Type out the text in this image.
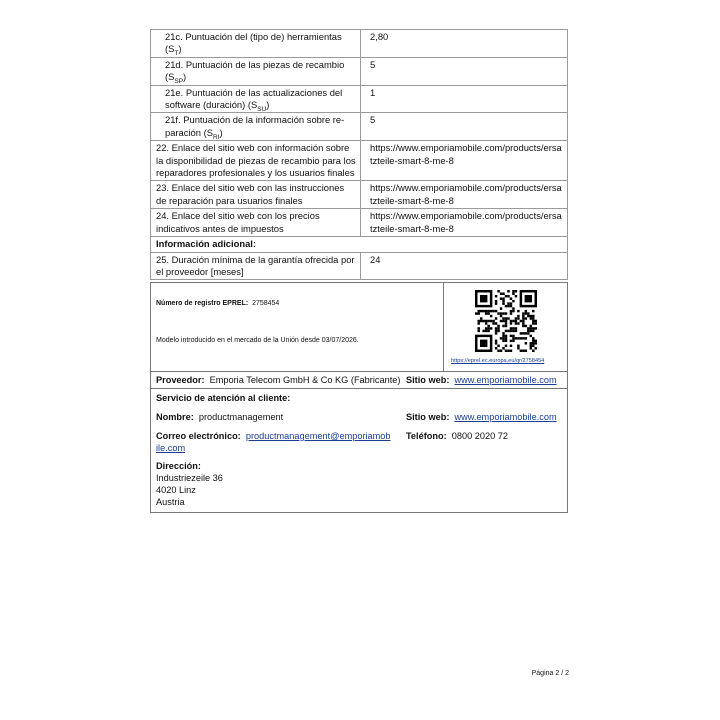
21c. Puntuación del (tipo de) herramientas $(S_T)$	2,80

21d. Puntuación de las piezas de recambio $(S_{SP})$	5

21e. Puntuación de las actualizaciones del software (duración) $(S_{SU})$	1

21f. Puntuación de la información sobre re-paración $(S_{RI})$	5
22. Enlace del sitio web con información sobre la disponibilidad de piezas de recambio para los reparadores profesionales y los usuarios finales	https://www.emporiamobile.com/products/ersatzteile-smart-8-me-8
23. Enlace del sitio web con las instrucciones de reparación para usuarios finales	https://www.emporiamobile.com/products/ersatzteile-smart-8-me-8
24. Enlace del sitio web con los precios indicativos antes de impuestos	https://www.emporiamobile.com/products/ersatzteile-smart-8-me-8
Información adicional:	
25. Duración mínima de la garantía ofrecida por el proveedor [meses]	24
Número de registro EPREL: 2758454
Modelo introducido en el mercado de la Unión desde 03/07/2026.
https://eprel.ec.europa.eu/qr/2758454
Proveedor: Emporia Telecom GmbH & Co KG (Fabricante) Sitio web: www.emporiamobile.com
Servicio de atención al cliente:
Nombre: productmanagement	Sitio web: www.emporiamobile.com
Correo electrónico: productmanagement@emporiamob
ile.com
Teléfono: 0800 2020 72
Dirección:
Industriezeile 36
4020 Linz
Austria
Página 2 / 2
